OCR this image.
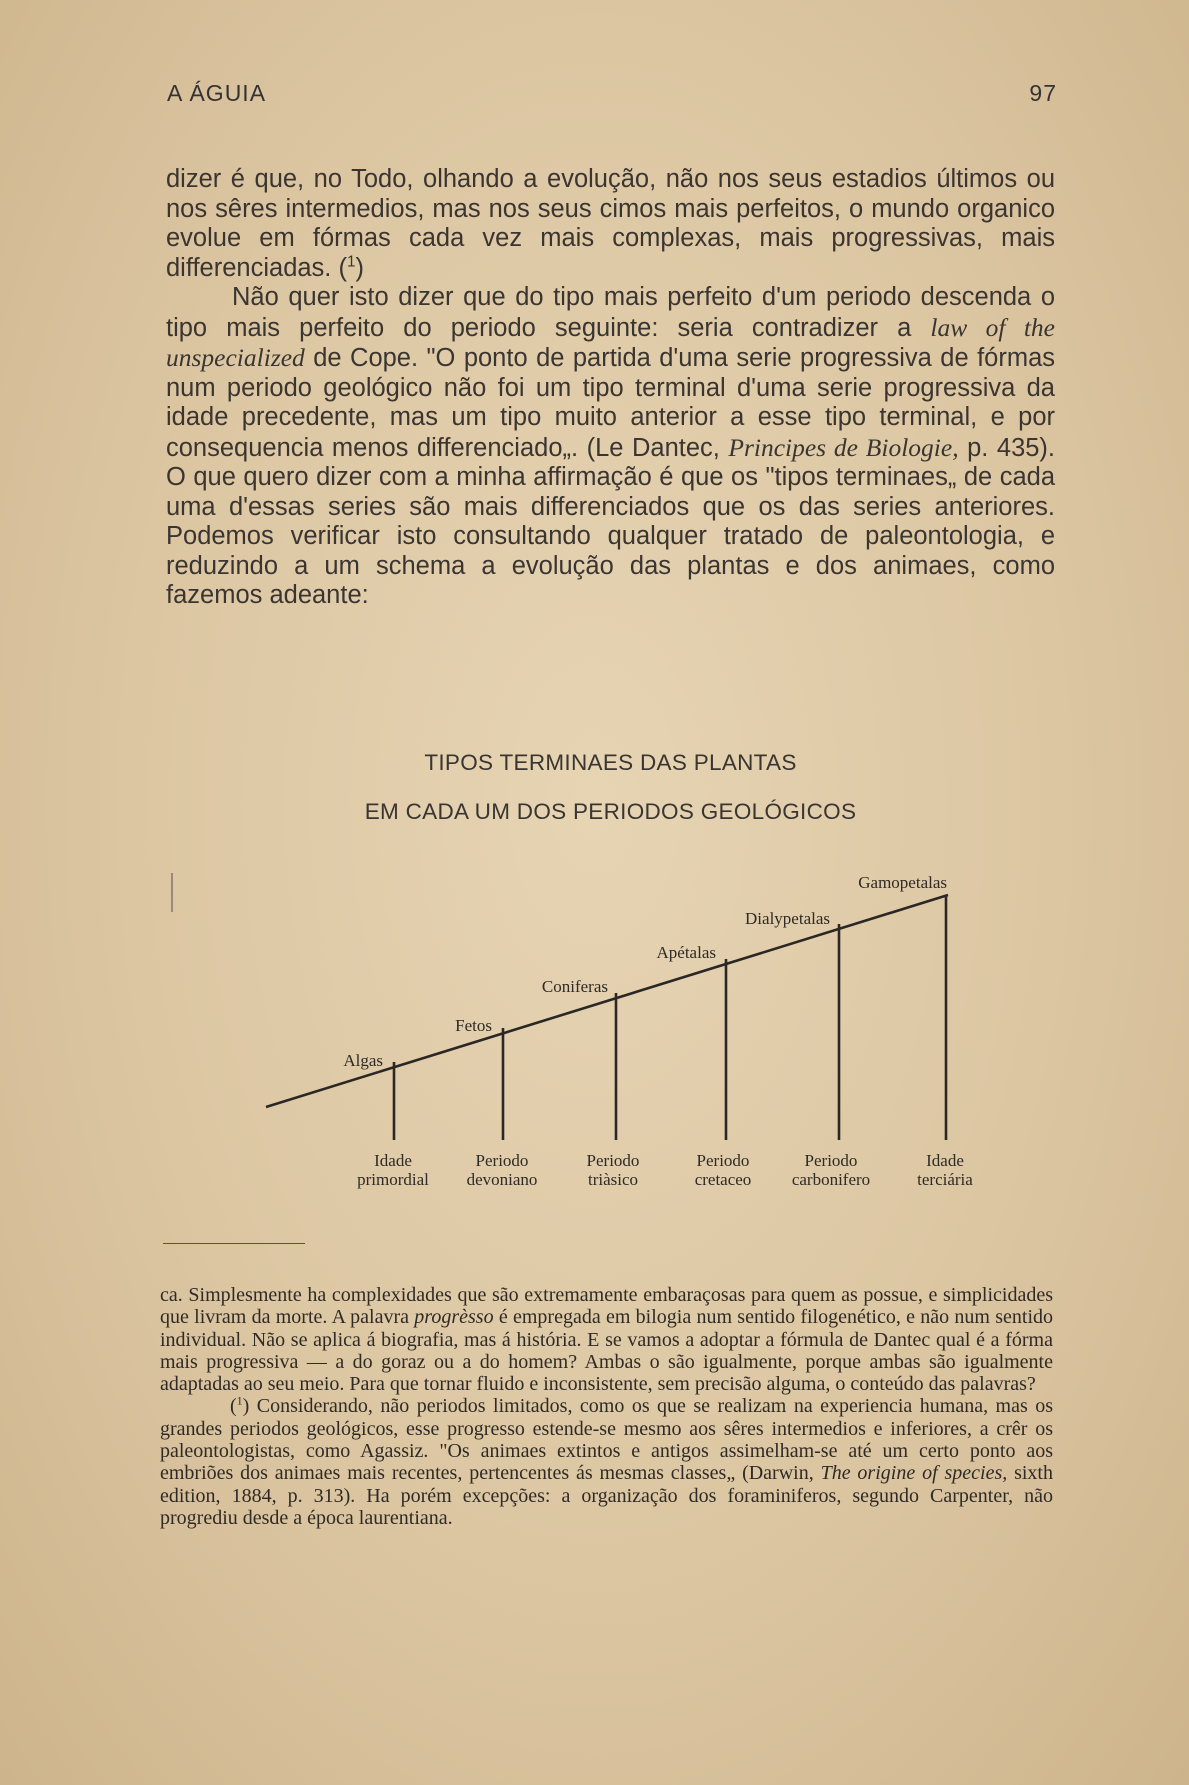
A ÁGUIA	97

dizer é que, no Todo, olhando a evolução, não nos seus estadios últimos ou nos sêres intermedios, mas nos seus cimos mais perfeitos, o mundo organico evolue em fórmas cada vez mais complexas, mais progressivas, mais differenciadas. ($^1$)

Não quer isto dizer que do tipo mais perfeito d'um periodo descenda o tipo mais perfeito do periodo seguinte: seria contradizer a law of the unspecialized de Cope. "O ponto de partida d'uma serie progressiva de fórmas num periodo geológico não foi um tipo terminal d'uma serie progressiva da idade precedente, mas um tipo muito anterior a esse tipo terminal, e por consequencia menos differenciado„. (Le Dantec, Principes de Biologie, p. 435). O que quero dizer com a minha affirmação é que os "tipos terminaes„ de cada uma d'essas series são mais differenciados que os das series anteriores. Podemos verificar isto consultando qualquer tratado de paleontologia, e reduzindo a um schema a evolução das plantas e dos animaes, como fazemos adeante:

TIPOS TERMINAES DAS PLANTAS
EM CADA UM DOS PERIODOS GEOLÓGICOS
Algas
Fetos
Coniferas
Apétalas
Dialypetalas
Gamopetalas
Idade primordial
Periodo devoniano
Periodo triàsico
Periodo cretaceo
Periodo carbonifero
Idade terciária

ca. Simplesmente ha complexidades que são extremamente embaraçosas para quem as possue, e simplicidades que livram da morte. A palavra progrèsso é empregada em bilogia num sentido filogenético, e não num sentido individual. Não se aplica á biografia, mas á história. E se vamos a adoptar a fórmula de Dantec qual é a fórma mais progressiva — a do goraz ou a do homem? Ambas o são igualmente, porque ambas são igualmente adaptadas ao seu meio. Para que tornar fluido e inconsistente, sem precisão alguma, o conteúdo das palavras?

($^1$) Considerando, não periodos limitados, como os que se realizam na experiencia humana, mas os grandes periodos geológicos, esse progresso estende-se mesmo aos sêres intermedios e inferiores, a crêr os paleontologistas, como Agassiz. "Os animaes extintos e antigos assimelham-se até um certo ponto aos embriões dos animaes mais recentes, pertencentes ás mesmas classes„ (Darwin, The origine of species, sixth edition, 1884, p. 313). Ha porém excepções: a organização dos foraminiferos, segundo Carpenter, não progrediu desde a época laurentiana.
